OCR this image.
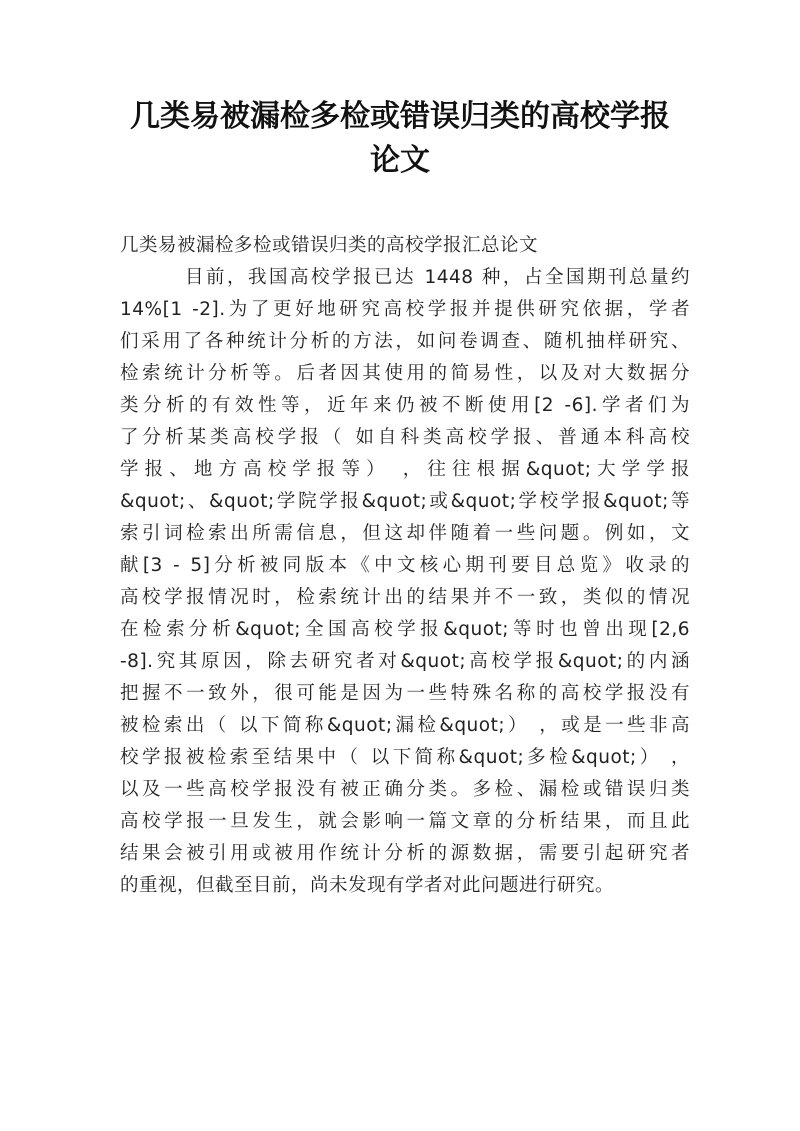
几类易被漏检多检或错误归类的高校学报
论文
几类易被漏检多检或错误归类的高校学报汇总论文
目前，我国高校学报已达 1448 种，占全国期刊总量约
14%[1 -2].为了更好地研究高校学报并提供研究依据，学者
们采用了各种统计分析的方法，如问卷调查、随机抽样研究、
检索统计分析等。后者因其使用的简易性，以及对大数据分
类分析的有效性等，近年来仍被不断使用[2 -6].学者们为
了分析某类高校学报（ 如自科类高校学报、普通本科高校
学报、地方高校学报等） ，往往根据&quot;大学学报
&quot;、&quot;学院学报&quot;或&quot;学校学报&quot;等
索引词检索出所需信息，但这却伴随着一些问题。例如，文
献[3 - 5]分析被同版本《中文核心期刊要目总览》收录的
高校学报情况时，检索统计出的结果并不一致，类似的情况
在检索分析&quot;全国高校学报&quot;等时也曾出现[2,6
-8].究其原因，除去研究者对&quot;高校学报&quot;的内涵
把握不一致外，很可能是因为一些特殊名称的高校学报没有
被检索出（ 以下简称&quot;漏检&quot;） ，或是一些非高
校学报被检索至结果中（ 以下简称&quot;多检&quot;） ，
以及一些高校学报没有被正确分类。多检、漏检或错误归类
高校学报一旦发生，就会影响一篇文章的分析结果，而且此
结果会被引用或被用作统计分析的源数据，需要引起研究者
的重视，但截至目前，尚未发现有学者对此问题进行研究。
